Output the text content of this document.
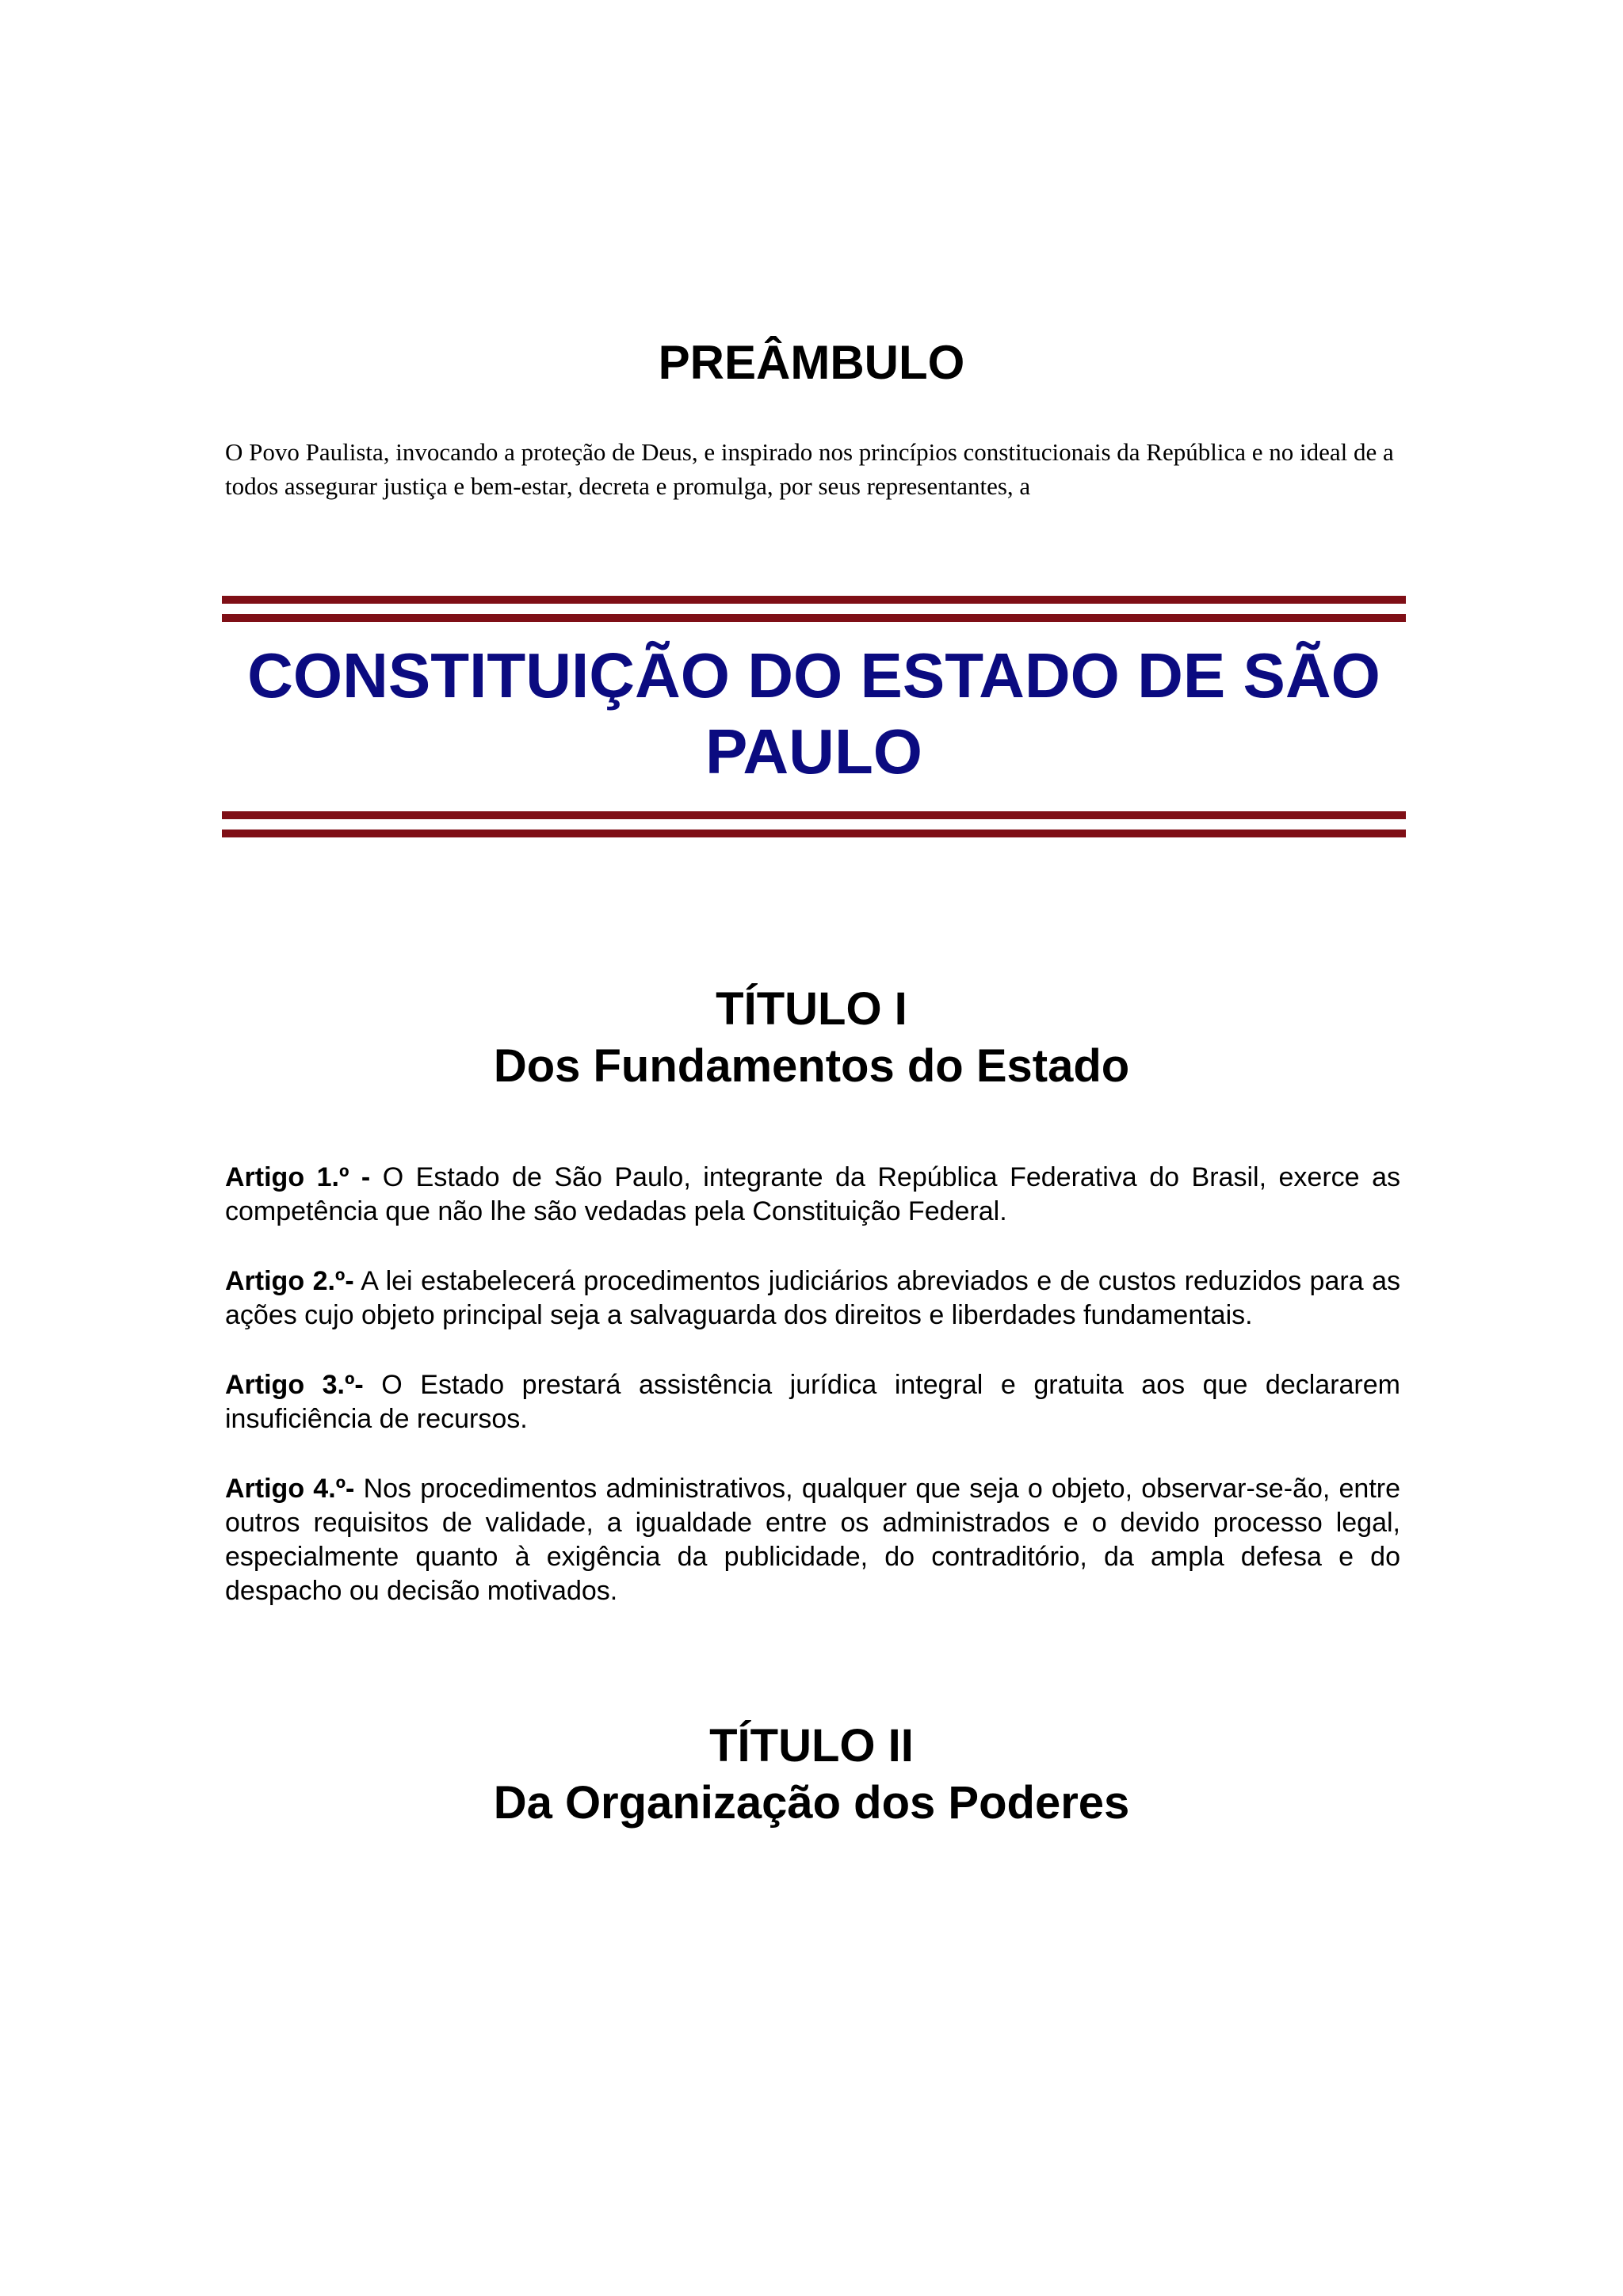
PREÂMBULO

O Povo Paulista, invocando a proteção de Deus, e inspirado nos princípios constitucionais da República e no ideal de a todos assegurar justiça e bem-estar, decreta e promulga, por seus representantes, a

CONSTITUIÇÃO DO ESTADO DE SÃO PAULO
TÍTULO I
Dos Fundamentos do Estado

Artigo 1.º - O Estado de São Paulo, integrante da República Federativa do Brasil, exerce as competência que não lhe são vedadas pela Constituição Federal.

Artigo 2.º- A lei estabelecerá procedimentos judiciários abreviados e de custos reduzidos para as ações cujo objeto principal seja a salvaguarda dos direitos e liberdades fundamentais.

Artigo 3.º- O Estado prestará assistência jurídica integral e gratuita aos que declararem insuficiência de recursos.

Artigo 4.º- Nos procedimentos administrativos, qualquer que seja o objeto, observar-se-ão, entre outros requisitos de validade, a igualdade entre os administrados e o devido processo legal, especialmente quanto à exigência da publicidade, do contraditório, da ampla defesa e do despacho ou decisão motivados.

TÍTULO II
Da Organização dos Poderes
